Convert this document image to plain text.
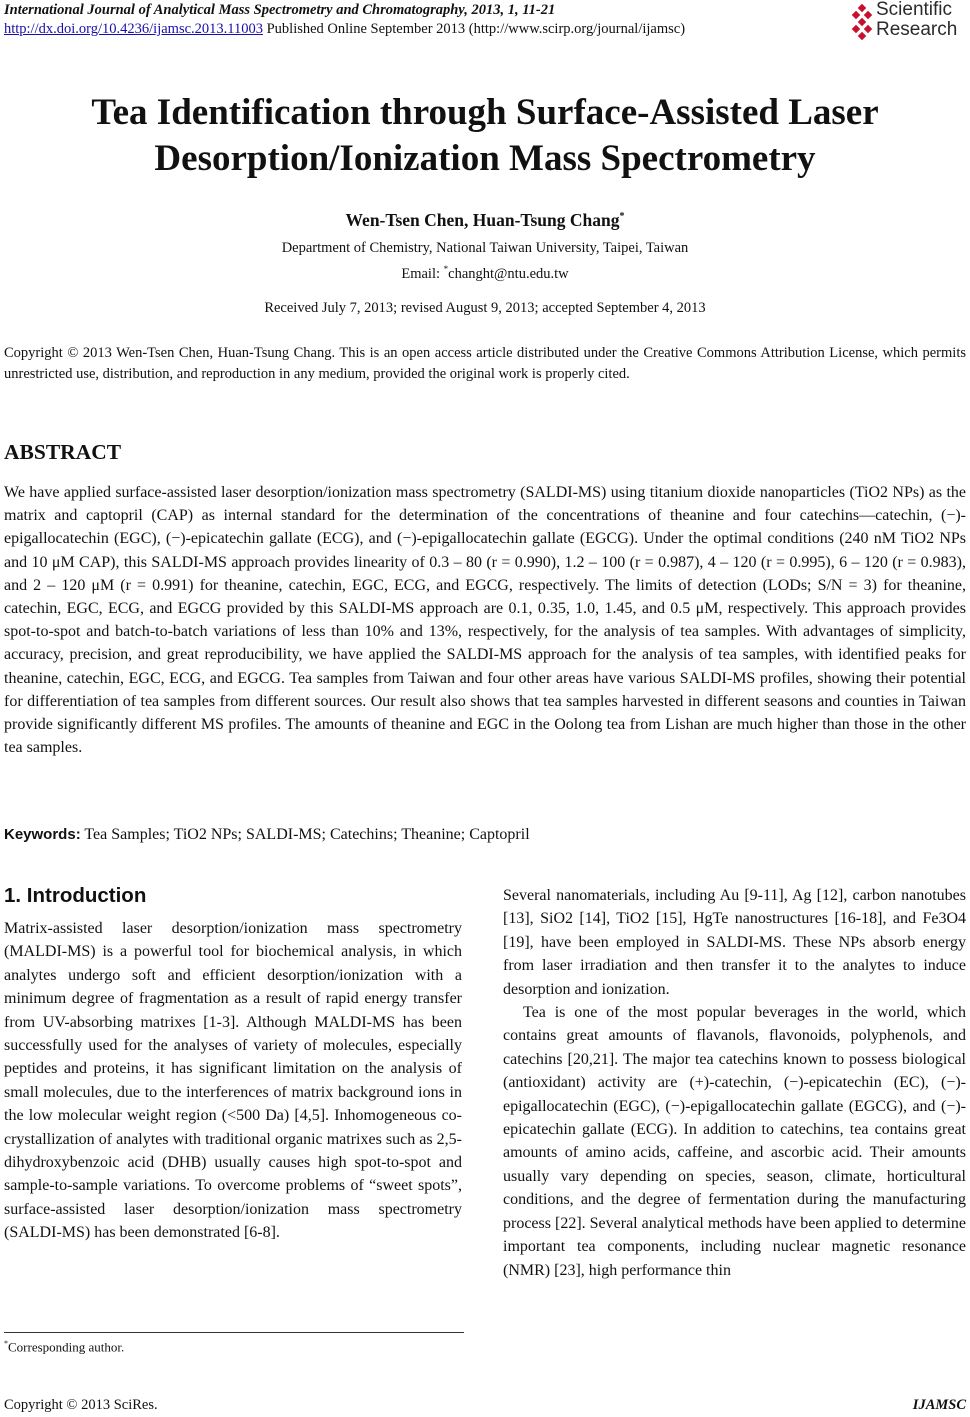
International Journal of Analytical Mass Spectrometry and Chromatography, 2013, 1, 11-21
http://dx.doi.org/10.4236/ijamsc.2013.11003 Published Online September 2013 (http://www.scirp.org/journal/ijamsc)
Scientific
Research
Tea Identification through Surface-Assisted Laser
Desorption/Ionization Mass Spectrometry
Wen-Tsen Chen, Huan-Tsung Chang*
Department of Chemistry, National Taiwan University, Taipei, Taiwan
Email: *changht@ntu.edu.tw
Received July 7, 2013; revised August 9, 2013; accepted September 4, 2013
Copyright © 2013 Wen-Tsen Chen, Huan-Tsung Chang. This is an open access article distributed under the Creative Commons Attribution License, which permits unrestricted use, distribution, and reproduction in any medium, provided the original work is properly cited.
ABSTRACT
We have applied surface-assisted laser desorption/ionization mass spectrometry (SALDI-MS) using titanium dioxide nanoparticles (TiO2 NPs) as the matrix and captopril (CAP) as internal standard for the determination of the concentrations of theanine and four catechins—catechin, (−)-epigallocatechin (EGC), (−)-epicatechin gallate (ECG), and (−)-epigallocatechin gallate (EGCG). Under the optimal conditions (240 nM TiO2 NPs and 10 μM CAP), this SALDI-MS approach provides linearity of 0.3 – 80 (r = 0.990), 1.2 – 100 (r = 0.987), 4 – 120 (r = 0.995), 6 – 120 (r = 0.983), and 2 – 120 μM (r = 0.991) for theanine, catechin, EGC, ECG, and EGCG, respectively. The limits of detection (LODs; S/N = 3) for theanine, catechin, EGC, ECG, and EGCG provided by this SALDI-MS approach are 0.1, 0.35, 1.0, 1.45, and 0.5 μM, respectively. This approach provides spot-to-spot and batch-to-batch variations of less than 10% and 13%, respectively, for the analysis of tea samples. With advantages of simplicity, accuracy, precision, and great reproducibility, we have applied the SALDI-MS approach for the analysis of tea samples, with identified peaks for theanine, catechin, EGC, ECG, and EGCG. Tea samples from Taiwan and four other areas have various SALDI-MS profiles, showing their potential for differentiation of tea samples from different sources. Our result also shows that tea samples harvested in different seasons and counties in Taiwan provide significantly different MS profiles. The amounts of theanine and EGC in the Oolong tea from Lishan are much higher than those in the other tea samples.
Keywords: Tea Samples; TiO2 NPs; SALDI-MS; Catechins; Theanine; Captopril
1. Introduction

Matrix-assisted laser desorption/ionization mass spectrometry (MALDI-MS) is a powerful tool for biochemical analysis, in which analytes undergo soft and efficient desorption/ionization with a minimum degree of fragmentation as a result of rapid energy transfer from UV-absorbing matrixes [1-3]. Although MALDI-MS has been successfully used for the analyses of variety of molecules, especially peptides and proteins, it has significant limitation on the analysis of small molecules, due to the interferences of matrix background ions in the low molecular weight region (<500 Da) [4,5]. Inhomogeneous co-crystallization of analytes with traditional organic matrixes such as 2,5-dihydroxybenzoic acid (DHB) usually causes high spot-to-spot and sample-to-sample variations. To overcome problems of “sweet spots”, surface-assisted laser desorption/ionization mass spectrometry (SALDI-MS) has been demonstrated [6-8].

Several nanomaterials, including Au [9-11], Ag [12], carbon nanotubes [13], SiO2 [14], TiO2 [15], HgTe nanostructures [16-18], and Fe3O4 [19], have been employed in SALDI-MS. These NPs absorb energy from laser irradiation and then transfer it to the analytes to induce desorption and ionization.

Tea is one of the most popular beverages in the world, which contains great amounts of flavanols, flavonoids, polyphenols, and catechins [20,21]. The major tea catechins known to possess biological (antioxidant) activity are (+)-catechin, (−)-epicatechin (EC), (−)-epigallocatechin (EGC), (−)-epigallocatechin gallate (EGCG), and (−)-epicatechin gallate (ECG). In addition to catechins, tea contains great amounts of amino acids, caffeine, and ascorbic acid. Their amounts usually vary depending on species, season, climate, horticultural conditions, and the degree of fermentation during the manufacturing process [22]. Several analytical methods have been applied to determine important tea components, including nuclear magnetic resonance (NMR) [23], high performance thin

*Corresponding author.
Copyright © 2013 SciRes.	IJAMSC
